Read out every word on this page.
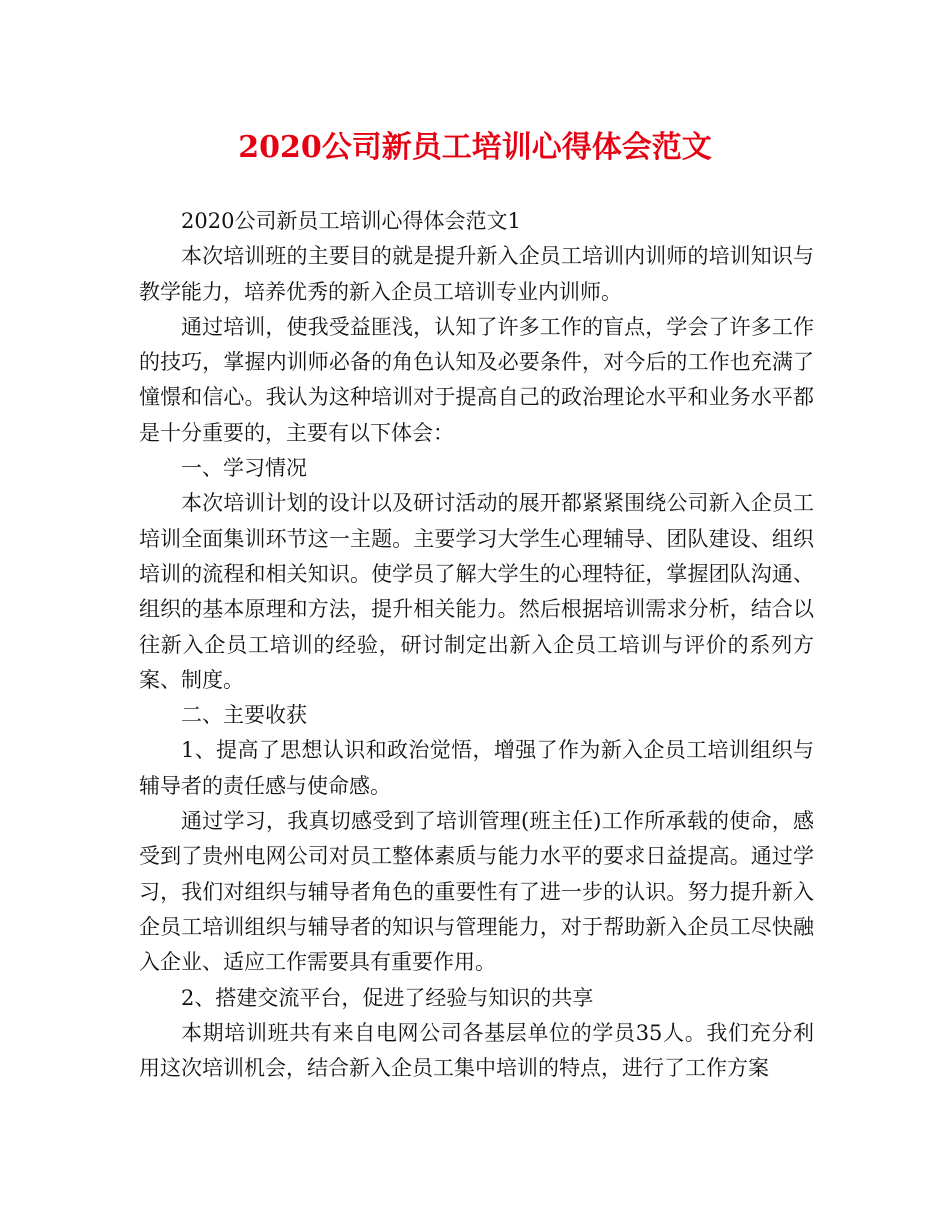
2020公司新员工培训心得体会范文

2020公司新员工培训心得体会范文1

本次培训班的主要目的就是提升新入企员工培训内训师的培训知识与教学能力，培养优秀的新入企员工培训专业内训师。

通过培训，使我受益匪浅，认知了许多工作的盲点，学会了许多工作的技巧，掌握内训师必备的角色认知及必要条件，对今后的工作也充满了憧憬和信心。我认为这种培训对于提高自己的政治理论水平和业务水平都是十分重要的，主要有以下体会：

一、学习情况

本次培训计划的设计以及研讨活动的展开都紧紧围绕公司新入企员工培训全面集训环节这一主题。主要学习大学生心理辅导、团队建设、组织培训的流程和相关知识。使学员了解大学生的心理特征，掌握团队沟通、组织的基本原理和方法，提升相关能力。然后根据培训需求分析，结合以往新入企员工培训的经验，研讨制定出新入企员工培训与评价的系列方案、制度。

二、主要收获

1、提高了思想认识和政治觉悟，增强了作为新入企员工培训组织与辅导者的责任感与使命感。

通过学习，我真切感受到了培训管理(班主任)工作所承载的使命，感受到了贵州电网公司对员工整体素质与能力水平的要求日益提高。通过学习，我们对组织与辅导者角色的重要性有了进一步的认识。努力提升新入企员工培训组织与辅导者的知识与管理能力，对于帮助新入企员工尽快融入企业、适应工作需要具有重要作用。

2、搭建交流平台，促进了经验与知识的共享

本期培训班共有来自电网公司各基层单位的学员35人。我们充分利用这次培训机会，结合新入企员工集中培训的特点，进行了工作方案
